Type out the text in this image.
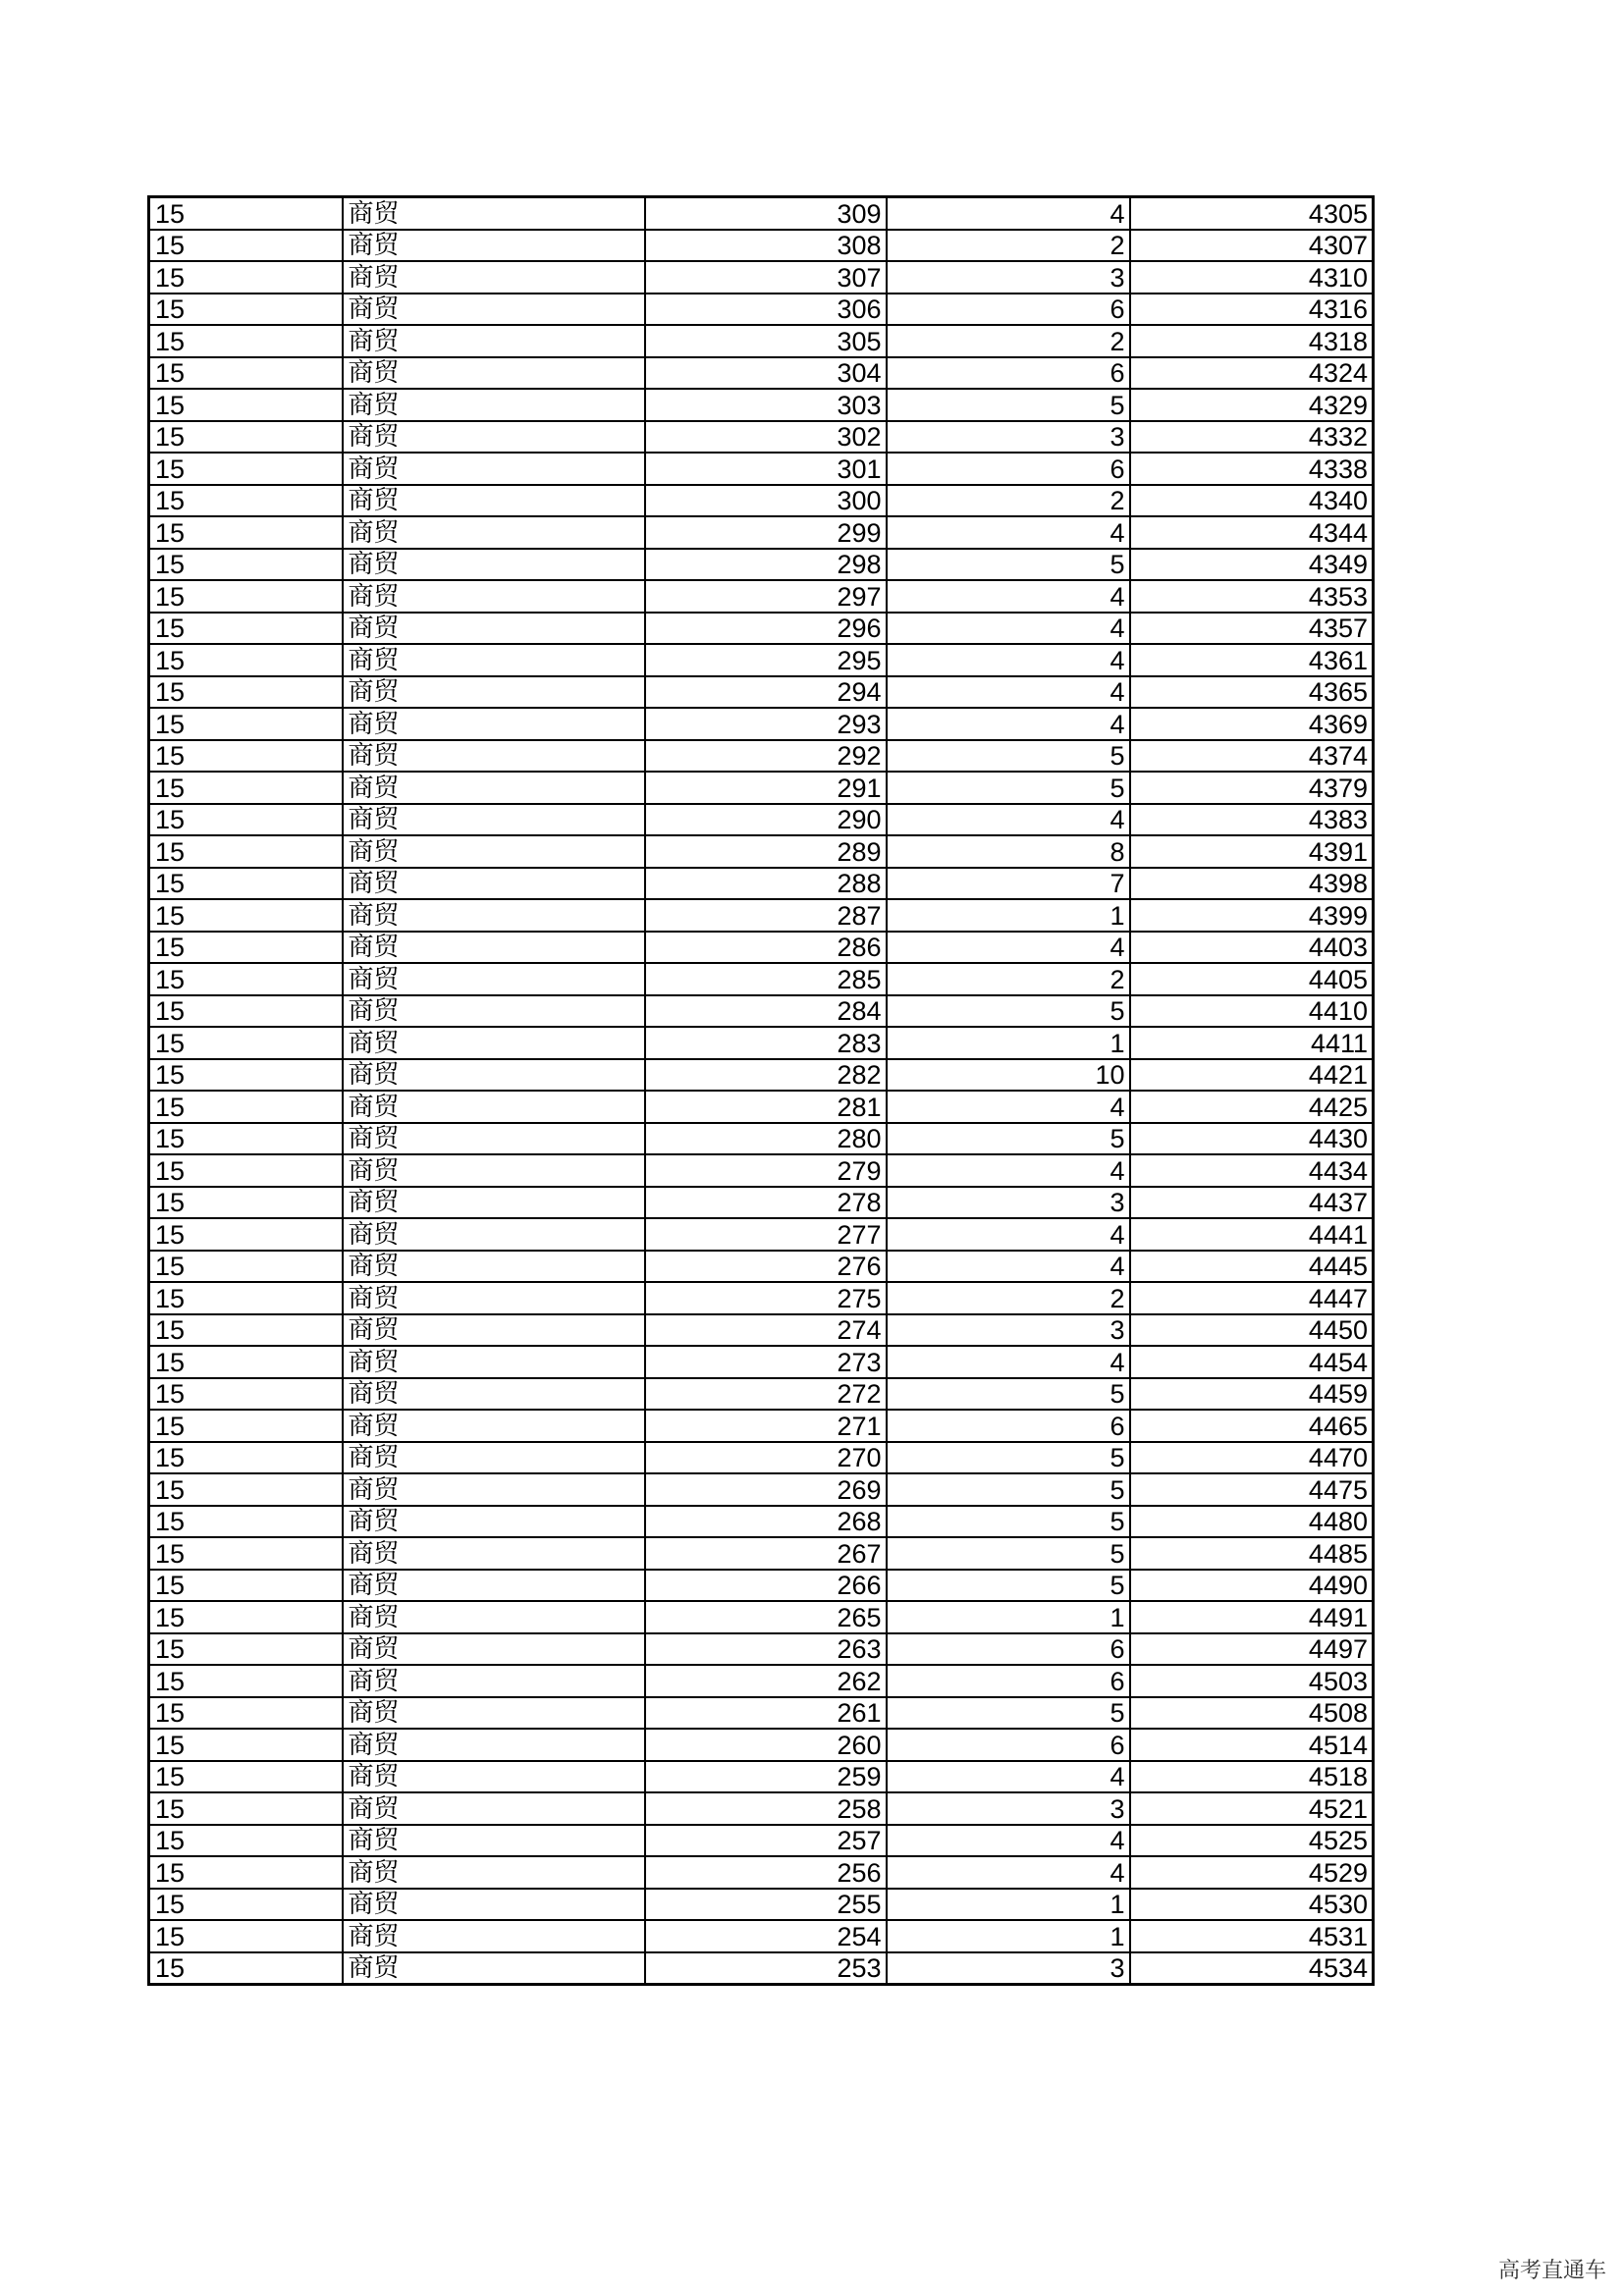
15	商贸	309	4	4305
15	商贸	308	2	4307
15	商贸	307	3	4310
15	商贸	306	6	4316
15	商贸	305	2	4318
15	商贸	304	6	4324
15	商贸	303	5	4329
15	商贸	302	3	4332
15	商贸	301	6	4338
15	商贸	300	2	4340
15	商贸	299	4	4344
15	商贸	298	5	4349
15	商贸	297	4	4353
15	商贸	296	4	4357
15	商贸	295	4	4361
15	商贸	294	4	4365
15	商贸	293	4	4369
15	商贸	292	5	4374
15	商贸	291	5	4379
15	商贸	290	4	4383
15	商贸	289	8	4391
15	商贸	288	7	4398
15	商贸	287	1	4399
15	商贸	286	4	4403
15	商贸	285	2	4405
15	商贸	284	5	4410
15	商贸	283	1	4411
15	商贸	282	10	4421
15	商贸	281	4	4425
15	商贸	280	5	4430
15	商贸	279	4	4434
15	商贸	278	3	4437
15	商贸	277	4	4441
15	商贸	276	4	4445
15	商贸	275	2	4447
15	商贸	274	3	4450
15	商贸	273	4	4454
15	商贸	272	5	4459
15	商贸	271	6	4465
15	商贸	270	5	4470
15	商贸	269	5	4475
15	商贸	268	5	4480
15	商贸	267	5	4485
15	商贸	266	5	4490
15	商贸	265	1	4491
15	商贸	263	6	4497
15	商贸	262	6	4503
15	商贸	261	5	4508
15	商贸	260	6	4514
15	商贸	259	4	4518
15	商贸	258	3	4521
15	商贸	257	4	4525
15	商贸	256	4	4529
15	商贸	255	1	4530
15	商贸	254	1	4531
15	商贸	253	3	4534
高考直通车
